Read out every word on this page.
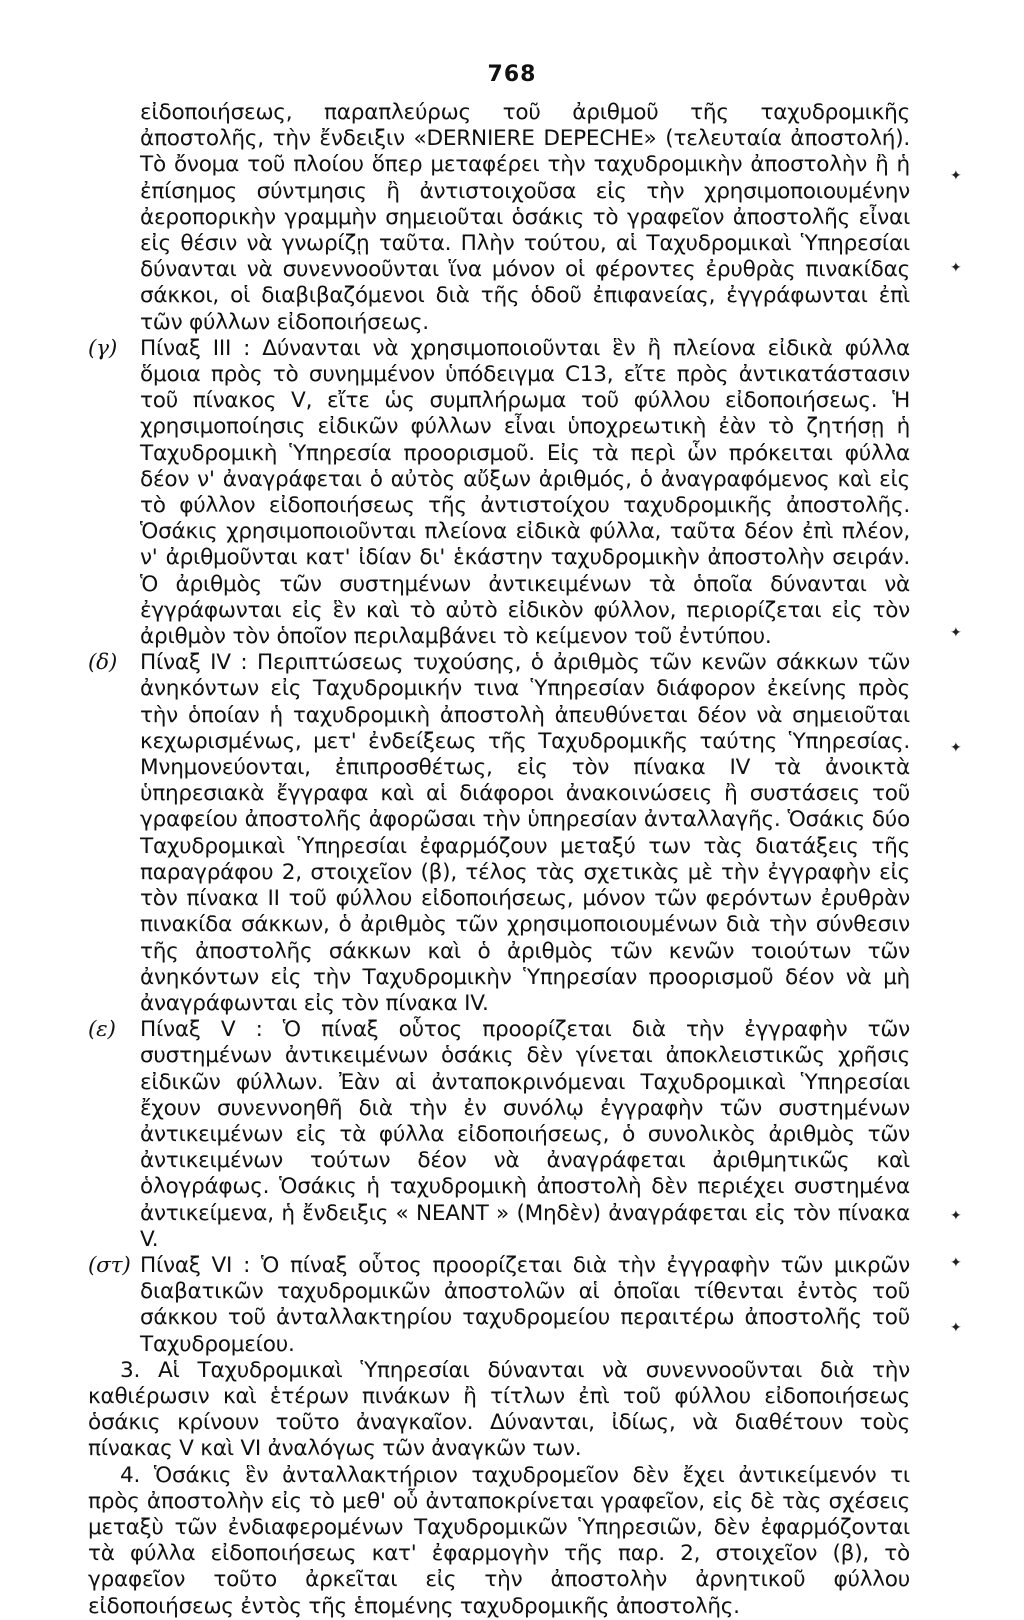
768
✦
✦
✦
✦
✦
✦
✦

εἰδοποιήσεως, παραπλεύρως τοῦ ἀριθμοῦ τῆς ταχυδρομικῆς ἀποστολῆς, τὴν ἔνδειξιν «DERNIERE DEPECHE» (τελευταία ἀποστολή). Τὸ ὄνομα τοῦ πλοίου ὅπερ μεταφέρει τὴν ταχυδρομικὴν ἀποστολὴν ἢ ἡ ἐπίσημος σύντμησις ἢ ἀντιστοιχοῦσα εἰς τὴν χρησιμοποιουμένην ἀεροπορικὴν γραμμὴν σημειοῦται ὁσάκις τὸ γραφεῖον ἀποστολῆς εἶναι εἰς θέσιν νὰ γνωρίζῃ ταῦτα. Πλὴν τούτου, αἱ Ταχυδρομικαὶ Ὑπηρεσίαι δύνανται νὰ συνεννοοῦνται ἵνα μόνον οἱ φέροντες ἐρυθρὰς πινακίδας σάκκοι, οἱ διαβιβαζόμενοι διὰ τῆς ὁδοῦ ἐπιφανείας, ἐγγράφωνται ἐπὶ τῶν φύλλων εἰδοποιήσεως.

(γ)	Πίναξ III : Δύνανται νὰ χρησιμοποιοῦνται ἓν ἢ πλείονα εἰδικὰ φύλλα ὅμοια πρὸς τὸ συνημμένον ὑπόδειγμα C13, εἴτε πρὸς ἀντικατάστασιν τοῦ πίνακος V, εἴτε ὡς συμπλήρωμα τοῦ φύλλου εἰδοποιήσεως. Ἡ χρησιμοποίησις εἰδικῶν φύλλων εἶναι ὑποχρεωτικὴ ἐὰν τὸ ζητήσῃ ἡ Ταχυδρομικὴ Ὑπηρεσία προορισμοῦ. Εἰς τὰ περὶ ὧν πρόκειται φύλλα δέον ν' ἀναγράφεται ὁ αὐτὸς αὔξων ἀριθμός, ὁ ἀναγραφόμενος καὶ εἰς τὸ φύλλον εἰδοποιήσεως τῆς ἀντιστοίχου ταχυδρομικῆς ἀποστολῆς. Ὁσάκις χρησιμοποιοῦνται πλείονα εἰδικὰ φύλλα, ταῦτα δέον ἐπὶ πλέον, ν' ἀριθμοῦνται κατ' ἰδίαν δι' ἑκάστην ταχυδρομικὴν ἀποστολὴν σειράν. Ὁ ἀριθμὸς τῶν συστημένων ἀντικειμένων τὰ ὁποῖα δύνανται νὰ ἐγγράφωνται εἰς ἓν καὶ τὸ αὐτὸ εἰδικὸν φύλλον, περιορίζεται εἰς τὸν ἀριθμὸν τὸν ὁποῖον περιλαμβάνει τὸ κείμενον τοῦ ἐντύπου.
(δ)	Πίναξ IV : Περιπτώσεως τυχούσης, ὁ ἀριθμὸς τῶν κενῶν σάκκων τῶν ἀνηκόντων εἰς Ταχυδρομικήν τινα Ὑπηρεσίαν διάφορον ἐκείνης πρὸς τὴν ὁποίαν ἡ ταχυδρομικὴ ἀποστολὴ ἀπευθύνεται δέον νὰ σημειοῦται κεχωρισμένως, μετ' ἐνδείξεως τῆς Ταχυδρομικῆς ταύτης Ὑπηρεσίας. Μνημονεύονται, ἐπιπροσθέτως, εἰς τὸν πίνακα IV τὰ ἀνοικτὰ ὑπηρεσιακὰ ἔγγραφα καὶ αἱ διάφοροι ἀνακοινώσεις ἢ συστάσεις τοῦ γραφείου ἀποστολῆς ἀφορῶσαι τὴν ὑπηρεσίαν ἀνταλλαγῆς. Ὁσάκις δύο Ταχυδρομικαὶ Ὑπηρεσίαι ἐφαρμόζουν μεταξύ των τὰς διατάξεις τῆς παραγράφου 2, στοιχεῖον (β), τέλος τὰς σχετικὰς μὲ τὴν ἐγγραφὴν εἰς τὸν πίνακα II τοῦ φύλλου εἰδοποιήσεως, μόνον τῶν φερόντων ἐρυθρὰν πινακίδα σάκκων, ὁ ἀριθμὸς τῶν χρησιμοποιουμένων διὰ τὴν σύνθεσιν τῆς ἀποστολῆς σάκκων καὶ ὁ ἀριθμὸς τῶν κενῶν τοιούτων τῶν ἀνηκόντων εἰς τὴν Ταχυδρομικὴν Ὑπηρεσίαν προορισμοῦ δέον νὰ μὴ ἀναγράφωνται εἰς τὸν πίνακα IV.
(ε)	Πίναξ V : Ὁ πίναξ οὗτος προορίζεται διὰ τὴν ἐγγραφὴν τῶν συστημένων ἀντικειμένων ὁσάκις δὲν γίνεται ἀποκλειστικῶς χρῆσις εἰδικῶν φύλλων. Ἐὰν αἱ ἀνταποκρινόμεναι Ταχυδρομικαὶ Ὑπηρεσίαι ἔχουν συνεννοηθῆ διὰ τὴν ἐν συνόλῳ ἐγγραφὴν τῶν συστημένων ἀντικειμένων εἰς τὰ φύλλα εἰδοποιήσεως, ὁ συνολικὸς ἀριθμὸς τῶν ἀντικειμένων τούτων δέον νὰ ἀναγράφεται ἀριθμητικῶς καὶ ὁλογράφως. Ὁσάκις ἡ ταχυδρομικὴ ἀποστολὴ δὲν περιέχει συστημένα ἀντικείμενα, ἡ ἔνδειξις « NEANT » (Μηδὲν) ἀναγράφεται εἰς τὸν πίνακα V.
(στ) Πίναξ VI : Ὁ πίναξ οὗτος προορίζεται διὰ τὴν ἐγγραφὴν τῶν μικρῶν διαβατικῶν ταχυδρομικῶν ἀποστολῶν αἱ ὁποῖαι τίθενται ἐντὸς τοῦ σάκκου τοῦ ἀνταλλακτηρίου ταχυδρομείου περαιτέρω ἀποστολῆς τοῦ Ταχυδρομείου.

3. Αἱ Ταχυδρομικαὶ Ὑπηρεσίαι δύνανται νὰ συνεννοοῦνται διὰ τὴν καθιέρωσιν καὶ ἑτέρων πινάκων ἢ τίτλων ἐπὶ τοῦ φύλλου εἰδοποιήσεως ὁσάκις κρίνουν τοῦτο ἀναγκαῖον. Δύνανται, ἰδίως, νὰ διαθέτουν τοὺς πίνακας V καὶ VI ἀναλόγως τῶν ἀναγκῶν των.

4. Ὁσάκις ἓν ἀνταλλακτήριον ταχυδρομεῖον δὲν ἔχει ἀντικείμενόν τι πρὸς ἀποστολὴν εἰς τὸ μεθ' οὗ ἀνταποκρίνεται γραφεῖον, εἰς δὲ τὰς σχέσεις μεταξὺ τῶν ἐνδιαφερομένων Ταχυδρομικῶν Ὑπηρεσιῶν, δὲν ἐφαρμόζονται τὰ φύλλα εἰδοποιήσεως κατ' ἐφαρμογὴν τῆς παρ. 2, στοιχεῖον (β), τὸ γραφεῖον τοῦτο ἀρκεῖται εἰς τὴν ἀποστολὴν ἀρνητικοῦ φύλλου εἰδοποιήσεως ἐντὸς τῆς ἑπομένης ταχυδρομικῆς ἀποστολῆς.
